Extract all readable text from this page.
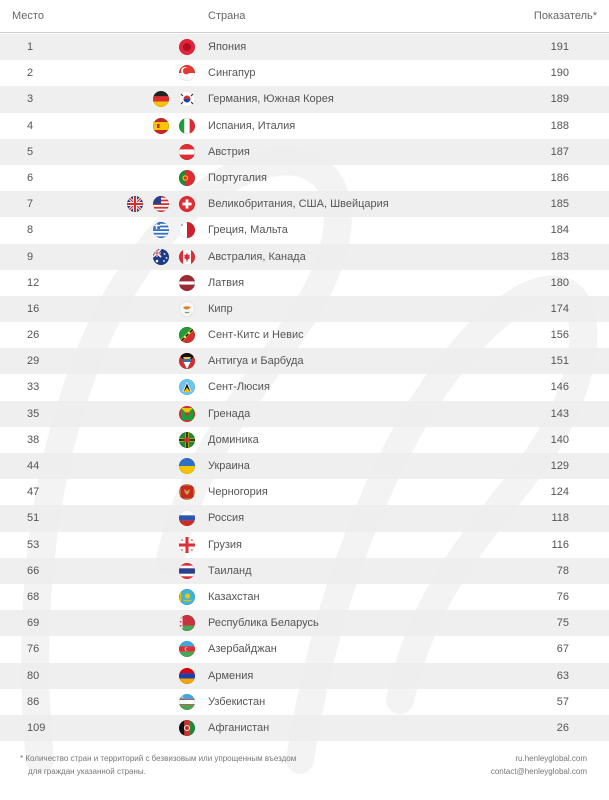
Место	Страна	Показатель*
1	Япония	191
2	Сингапур	190
3	Германия, Южная Корея	189
4	Испания, Италия	188
5	Австрия	187
6	Португалия	186
7	Великобритания, США, Швейцария	185
8	Греция, Мальта	184
9	Австралия, Канада	183
12	Латвия	180
16	Кипр	174
26	Сент-Китс и Невис	156
29	Антигуа и Барбуда	151
33	Сент-Люсия	146
35	Гренада	143
38	Доминика	140
44	Украина	129
47	Черногория	124
51	Россия	118
53	Грузия	116
66	Таиланд	78
68	Казахстан	76
69	Республика Беларусь	75
76	Азербайджан	67
80	Армения	63
86	Узбекистан	57
109	Афганистан	26
* Количество стран и территорий с безвизовым или упрощенным въездом
для граждан указанной страны.
ru.henleyglobal.com
contact@henleyglobal.com
